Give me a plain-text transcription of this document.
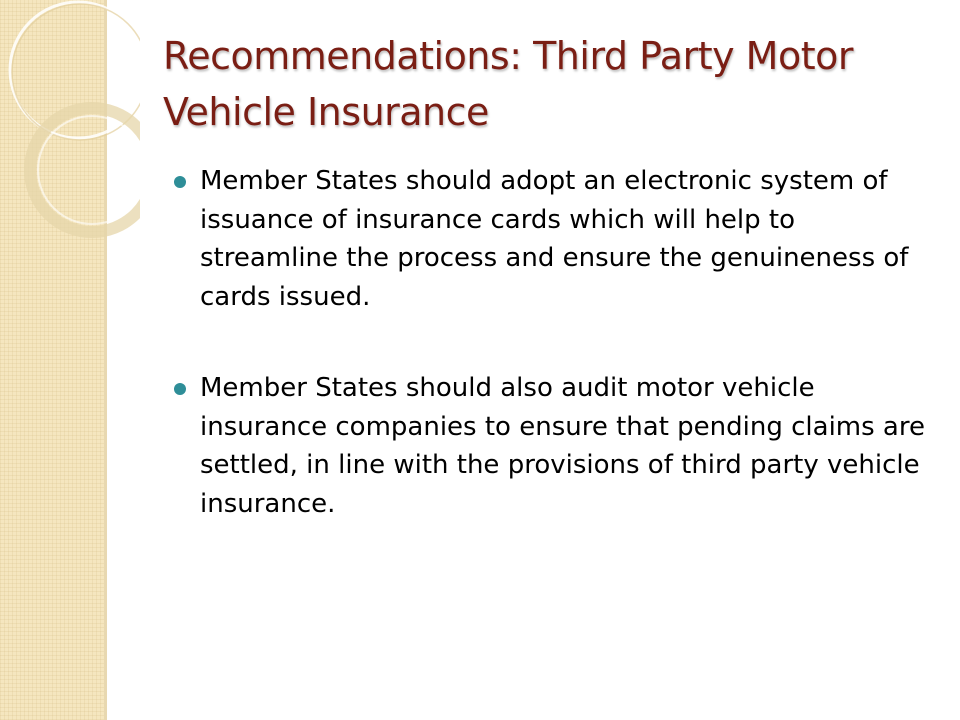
Recommendations: Third Party Motor Vehicle Insurance
Member States should adopt an electronic system of issuance of insurance cards which will help to streamline the process and ensure the genuineness of cards issued.
Member States should also audit motor vehicle insurance companies to ensure that pending claims are settled, in line with the provisions of third party vehicle insurance.
